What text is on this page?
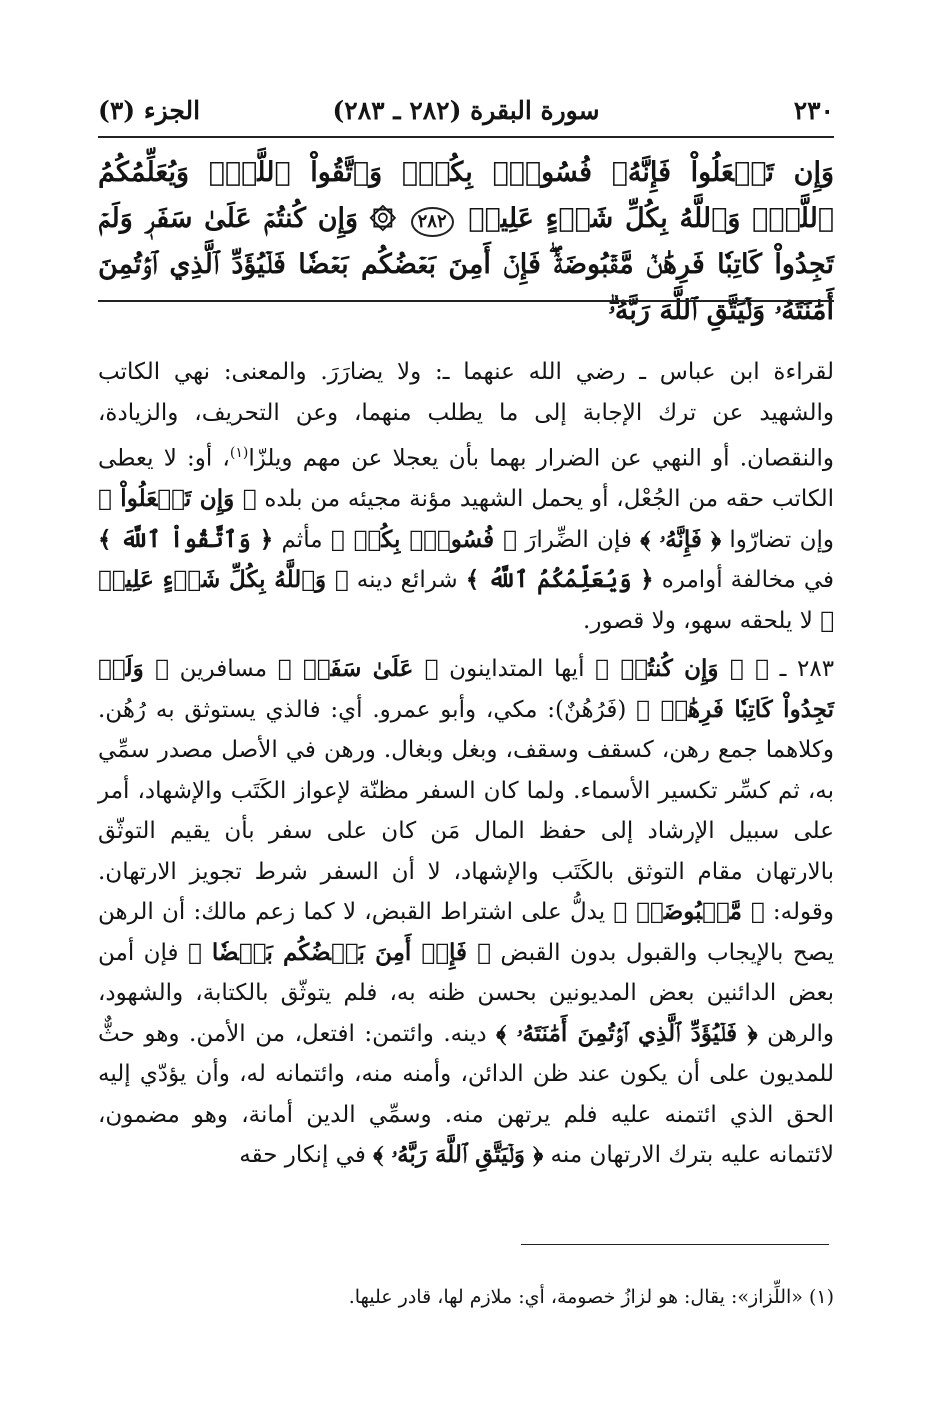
٢٣٠
سورة البقرة (٢٨٢ ـ ٢٨٣)
الجزء (٣)
وَإِن تَفۡعَلُواْ فَإِنَّهُۥ فُسُوقُۢ بِكُمۡۗ وَٱتَّقُواْ ٱللَّهَۖ وَيُعَلِّمُكُمُ ٱللَّهُۗ وَٱللَّهُ بِكُلِّ شَيۡءٍ عَلِيمٞ ٢٨٢ ۞ وَإِن كُنتُمۡ عَلَىٰ سَفَرٖ وَلَمۡ تَجِدُواْ كَاتِبٗا فَرِهَٰنٞ مَّقۡبُوضَةٞۖ فَإِنۡ أَمِنَ بَعۡضُكُم بَعۡضٗا فَلۡيُؤَدِّ ٱلَّذِي ٱؤۡتُمِنَ أَمَٰنَتَهُۥ وَلۡيَتَّقِ ٱللَّهَ رَبَّهُۥۗ

لقراءة ابن عباس ـ رضي الله عنهما ـ: ولا يضارَرَ. والمعنى: نهي الكاتب والشهيد عن ترك الإجابة إلى ما يطلب منهما، وعن التحريف، والزيادة، والنقصان. أو النهي عن الضرار بهما بأن يعجلا عن مهم ويلزّا$^{(١)}$، أو: لا يعطى الكاتب حقه من الجُعْل، أو يحمل الشهيد مؤنة مجيئه من بلده ﴿ وَإِن تَفۡعَلُواْ ﴾ وإن تضارّوا ﴿ فَإِنَّهُۥ ﴾ فإن الضِّرارَ ﴿ فُسُوقُۢ بِكُمۡ ﴾ مأثم ﴿ وَٱتَّقُواْ ٱللَّهَ ﴾ في مخالفة أوامره ﴿ وَيُعَلِّمُكُمُ ٱللَّهُ ﴾ شرائع دينه ﴿ وَٱللَّهُ بِكُلِّ شَيۡءٍ عَلِيمٞ ﴾ لا يلحقه سهو، ولا قصور.

٢٨٣ ـ ﴿ ۞ وَإِن كُنتُمۡ ﴾ أيها المتداينون ﴿ عَلَىٰ سَفَرٖ ﴾ مسافرين ﴿ وَلَمۡ تَجِدُواْ كَاتِبٗا فَرِهَٰنٞ ﴾ (فَرُهُنٌ): مكي، وأبو عمرو. أي: فالذي يستوثق به رُهُن. وكلاهما جمع رهن، كسقف وسقف، وبغل وبغال. ورهن في الأصل مصدر سمِّي به، ثم كسِّر تكسير الأسماء. ولما كان السفر مظنّة لإعواز الكَتَب والإشهاد، أمر على سبيل الإرشاد إلى حفظ المال مَن كان على سفر بأن يقيم التوثّق بالارتهان مقام التوثق بالكَتَب والإشهاد، لا أن السفر شرط تجويز الارتهان. وقوله: ﴿ مَّقۡبُوضَةٞ ﴾ يدلُّ على اشتراط القبض، لا كما زعم مالك: أن الرهن يصح بالإيجاب والقبول بدون القبض ﴿ فَإِنۡ أَمِنَ بَعۡضُكُم بَعۡضٗا ﴾ فإن أمن بعض الدائنين بعض المديونين بحسن ظنه به، فلم يتوثّق بالكتابة، والشهود، والرهن ﴿ فَلۡيُؤَدِّ ٱلَّذِي ٱؤۡتُمِنَ أَمَٰنَتَهُۥ ﴾ دينه. وائتمن: افتعل، من الأمن. وهو حثٌّ للمديون على أن يكون عند ظن الدائن، وأمنه منه، وائتمانه له، وأن يؤدّي إليه الحق الذي ائتمنه عليه فلم يرتهن منه. وسمِّي الدين أمانة، وهو مضمون، لائتمانه عليه بترك الارتهان منه ﴿ وَلۡيَتَّقِ ٱللَّهَ رَبَّهُۥ ﴾ في إنكار حقه

(١) «اللِّزاز»: يقال: هو لزازُ خصومة، أي: ملازم لها، قادر عليها.
